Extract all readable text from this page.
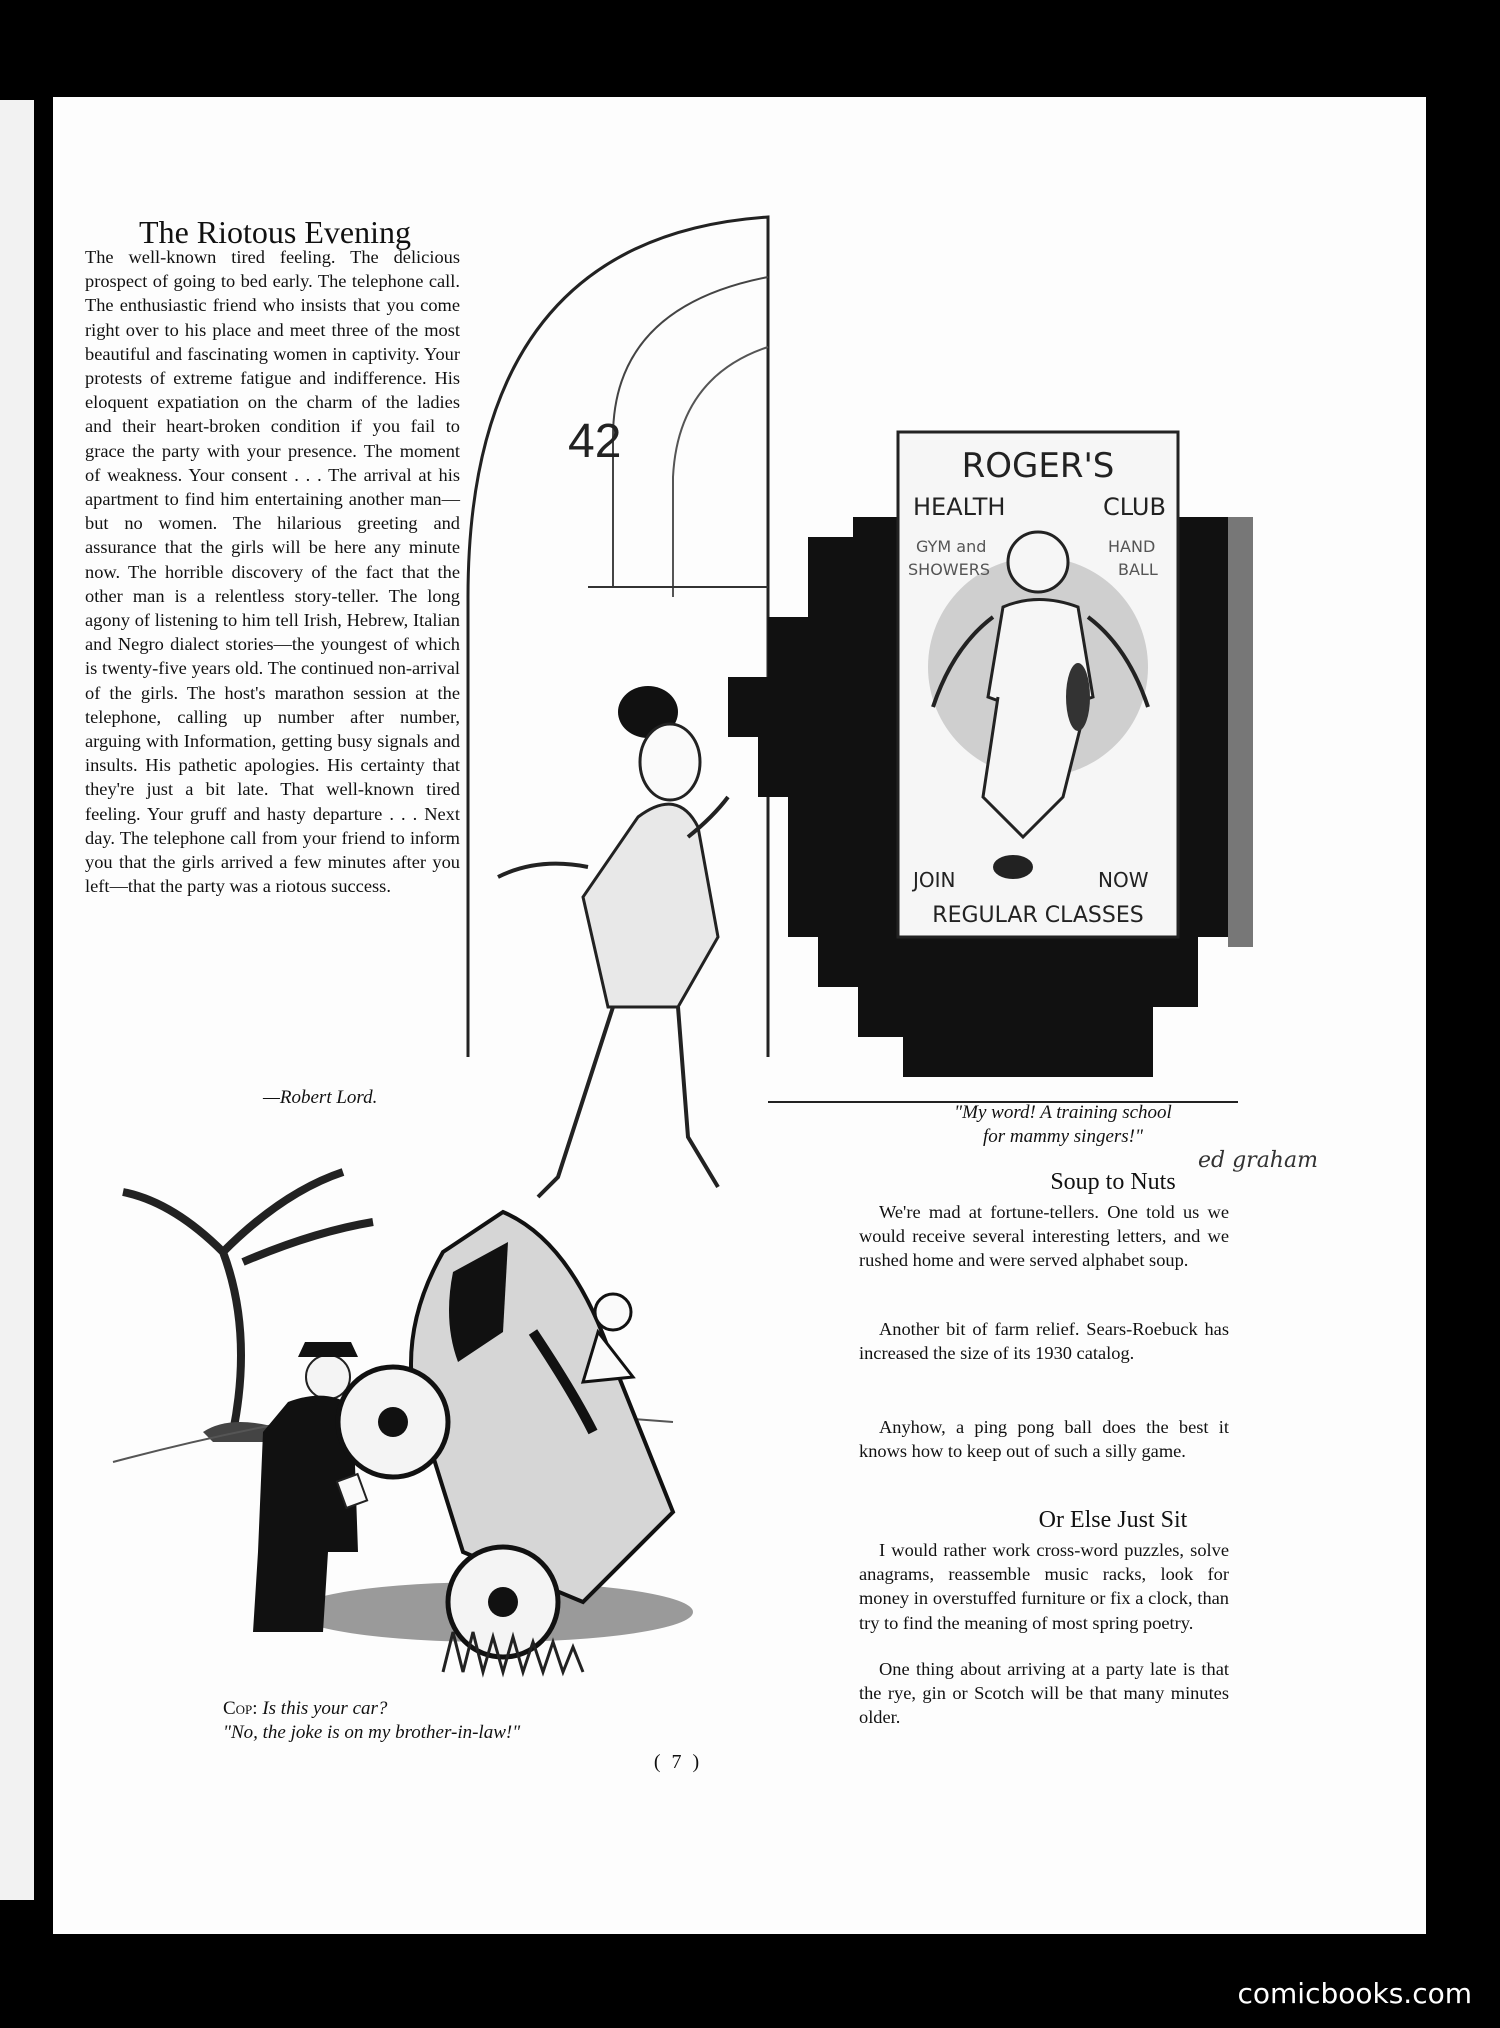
The Riotous Evening
The well-known tired feeling. The delicious prospect of going to bed early. The telephone call. The enthusiastic friend who insists that you come right over to his place and meet three of the most beautiful and fascinating women in captivity. Your protests of extreme fatigue and indifference. His eloquent expatiation on the charm of the ladies and their heart-broken condition if you fail to grace the party with your presence. The moment of weakness. Your consent . . . The arrival at his apartment to find him entertaining another man—but no women. The hilarious greeting and assurance that the girls will be here any minute now. The horrible discovery of the fact that the other man is a relentless story-teller. The long agony of listening to him tell Irish, Hebrew, Italian and Negro dialect stories—the youngest of which is twenty-five years old. The continued non-arrival of the girls. The host's marathon session at the telephone, calling up number after number, arguing with Information, getting busy signals and insults. His pathetic apologies. His certainty that they're just a bit late. That well-known tired feeling. Your gruff and hasty departure . . . Next day. The telephone call from your friend to inform you that the girls arrived a few minutes after you left—that the party was a riotous success.
—Robert Lord.
42	ROGER'S
HEALTH	CLUB
GYM and
SHOWERS
HAND
BALL
JOIN	NOW
REGULAR CLASSES
ed graham
"My word! A training school
for mammy singers!"
Cop: Is this your car?
"No, the joke is on my brother-in-law!"
Soup to Nuts

We're mad at fortune-tellers. One told us we would receive several interesting letters, and we rushed home and were served alphabet soup.

Another bit of farm relief. Sears-Roebuck has increased the size of its 1930 catalog.

Anyhow, a ping pong ball does the best it knows how to keep out of such a silly game.

Or Else Just Sit

I would rather work cross-word puzzles, solve anagrams, reassemble music racks, look for money in overstuffed furniture or fix a clock, than try to find the meaning of most spring poetry.

One thing about arriving at a party late is that the rye, gin or Scotch will be that many minutes older.

( 7 )
comicbooks.com
